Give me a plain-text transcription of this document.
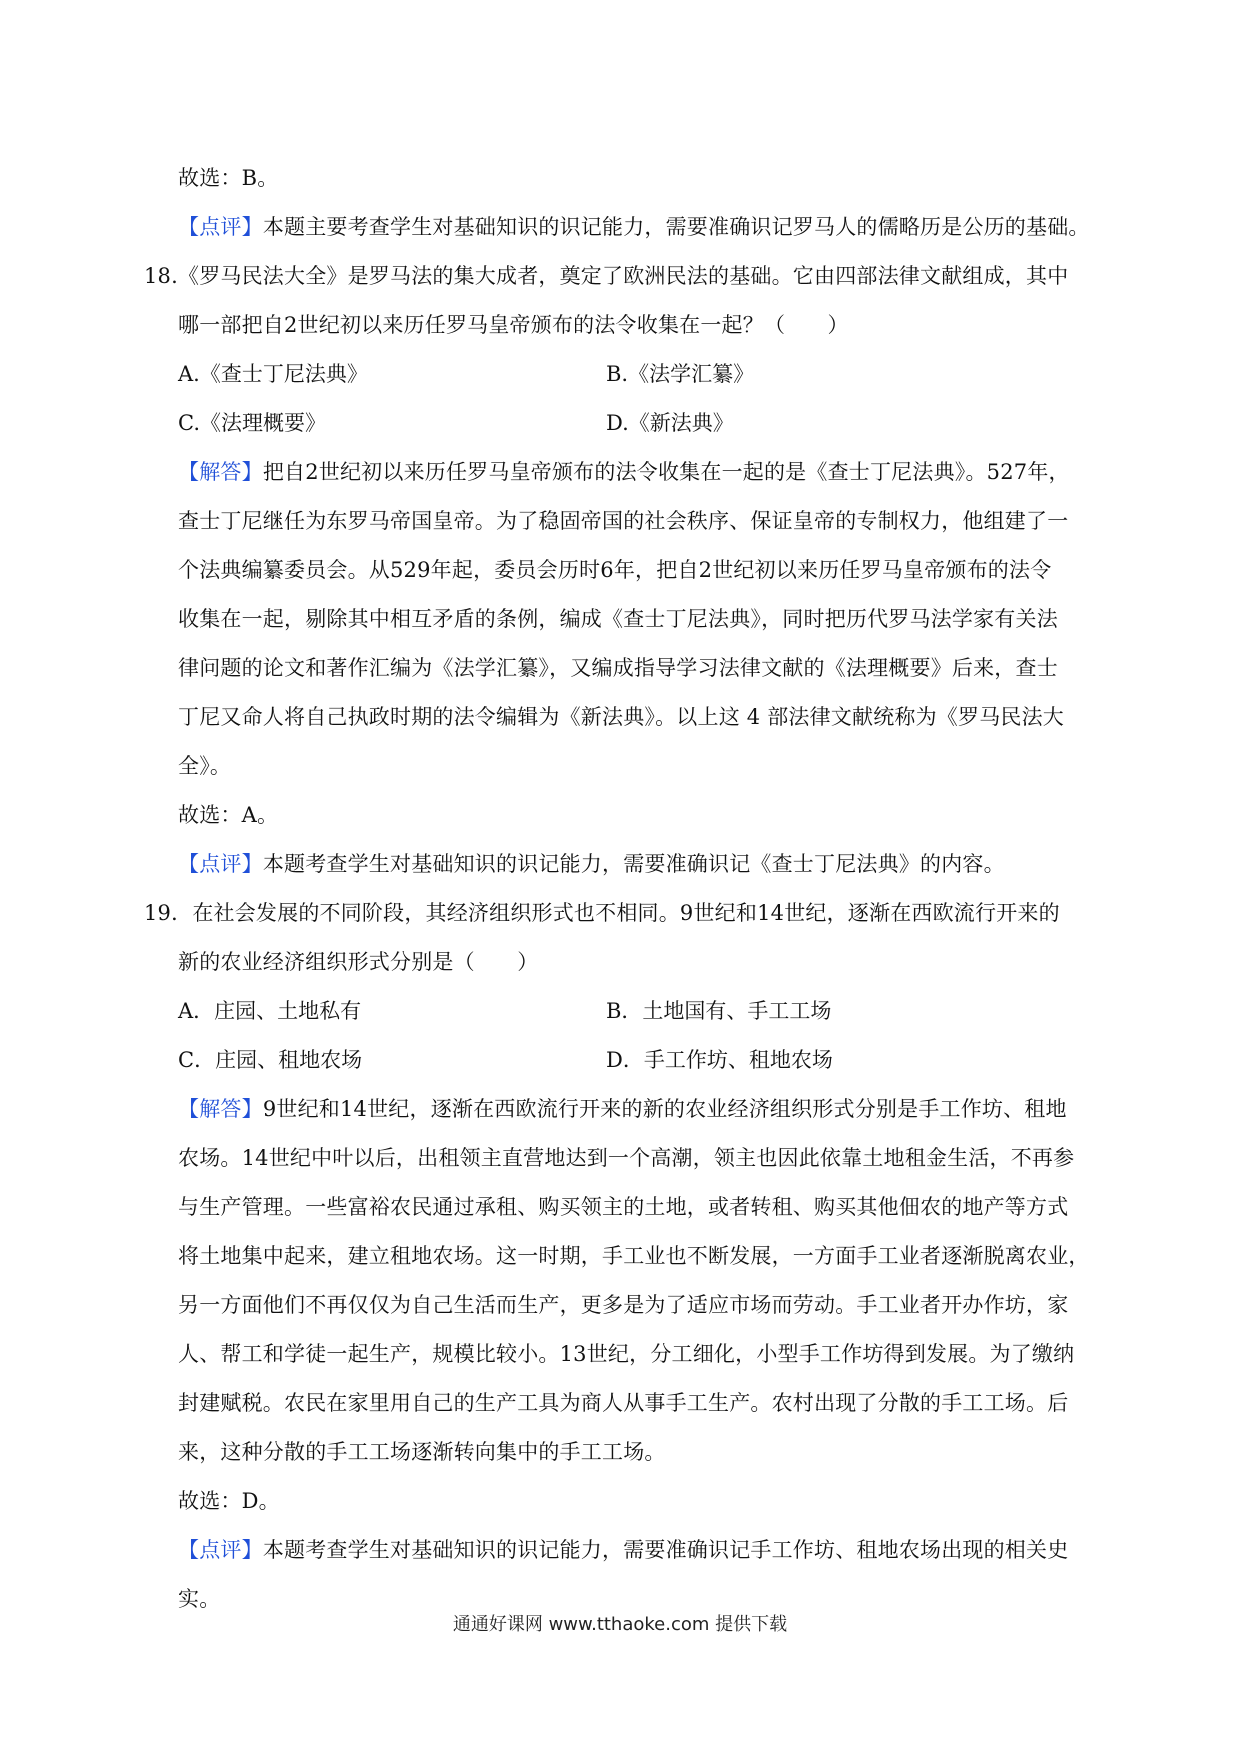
故选：B。
【点评】本题主要考查学生对基础知识的识记能力，需要准确识记罗马人的儒略历是公历的基础。
18.《罗马民法大全》是罗马法的集大成者，奠定了欧洲民法的基础。它由四部法律文献组成，其中
哪一部把自2世纪初以来历任罗马皇帝颁布的法令收集在一起？（　　）
A.《查士丁尼法典》	B.《法学汇纂》
C.《法理概要》	D.《新法典》
【解答】把自2世纪初以来历任罗马皇帝颁布的法令收集在一起的是《查士丁尼法典》。527年，
查士丁尼继任为东罗马帝国皇帝。为了稳固帝国的社会秩序、保证皇帝的专制权力，他组建了一
个法典编纂委员会。从529年起，委员会历时6年，把自2世纪初以来历任罗马皇帝颁布的法令
收集在一起，剔除其中相互矛盾的条例，编成《查士丁尼法典》，同时把历代罗马法学家有关法
律问题的论文和著作汇编为《法学汇纂》，又编成指导学习法律文献的《法理概要》后来，查士
丁尼又命人将自己执政时期的法令编辑为《新法典》。以上这 4 部法律文献统称为《罗马民法大
全》。
故选：A。
【点评】本题考查学生对基础知识的识记能力，需要准确识记《查士丁尼法典》的内容。
19．在社会发展的不同阶段，其经济组织形式也不相同。9世纪和14世纪，逐渐在西欧流行开来的
新的农业经济组织形式分别是（　　）
A．庄园、土地私有	B．土地国有、手工工场
C．庄园、租地农场	D．手工作坊、租地农场
【解答】9世纪和14世纪，逐渐在西欧流行开来的新的农业经济组织形式分别是手工作坊、租地
农场。14世纪中叶以后，出租领主直营地达到一个高潮，领主也因此依靠土地租金生活，不再参
与生产管理。一些富裕农民通过承租、购买领主的土地，或者转租、购买其他佃农的地产等方式
将土地集中起来，建立租地农场。这一时期，手工业也不断发展，一方面手工业者逐渐脱离农业，
另一方面他们不再仅仅为自己生活而生产，更多是为了适应市场而劳动。手工业者开办作坊，家
人、帮工和学徒一起生产，规模比较小。13世纪，分工细化，小型手工作坊得到发展。为了缴纳
封建赋税。农民在家里用自己的生产工具为商人从事手工生产。农村出现了分散的手工工场。后
来，这种分散的手工工场逐渐转向集中的手工工场。
故选：D。
【点评】本题考查学生对基础知识的识记能力，需要准确识记手工作坊、租地农场出现的相关史
实。
通通好课网 www.tthaoke.com 提供下载
